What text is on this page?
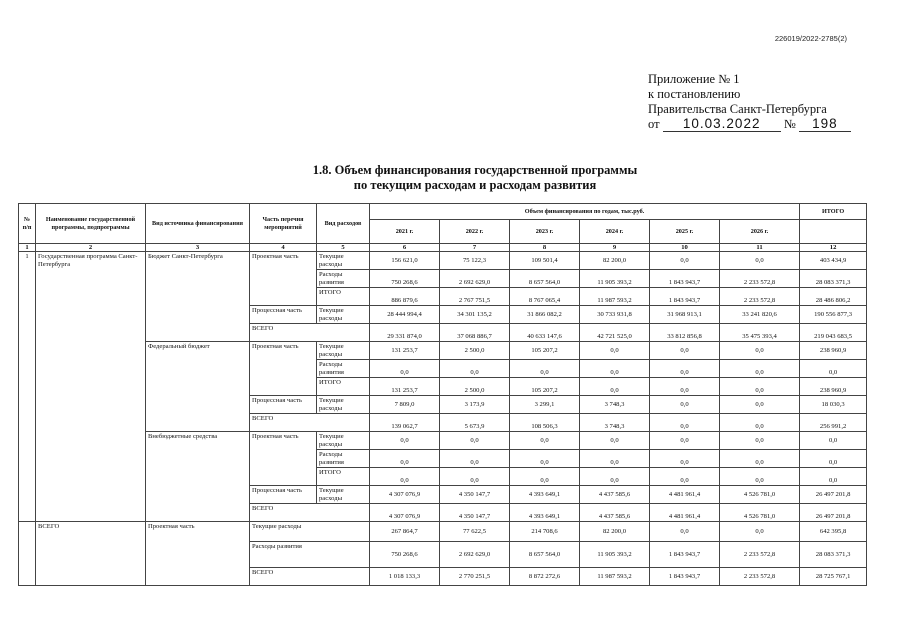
226019/2022-2785(2)
Приложение № 1
к постановлению
Правительства Санкт-Петербурга
от 10.03.2022 № 198
1.8. Объем финансирования государственной программы
по текущим расходам и расходам развития
№ п/п	Наименование государственной программы, подпрограммы	Вид источника финансирования	Часть перечня мероприятий	Вид расходов	Объем финансирования по годам, тыс.руб.						ИТОГО
					2021 г.	2022 г.	2023 г.	2024 г.	2025 г.	2026 г.	
1	2	3	4	5	6	7	8	9	10	11	12
1	Государственная программа Санкт-Петербурга	Бюджет Санкт-Петербурга	Проектная часть	Текущие расходы	156 621,0	75 122,3	109 501,4	82 200,0	0,0	0,0	403 434,9
				Расходы развития	750 268,6	2 692 629,0	8 657 564,0	11 905 393,2	1 843 943,7	2 233 572,8	28 083 371,3
				ИТОГО	886 879,6	2 767 751,5	8 767 065,4	11 987 593,2	1 843 943,7	2 233 572,8	28 486 806,2
			Процессная часть	Текущие расходы	28 444 994,4	34 301 135,2	31 866 082,2	30 733 931,8	31 968 913,1	33 241 820,6	190 556 877,3
			ВСЕГО		29 331 874,0	37 068 886,7	40 633 147,6	42 721 525,0	33 812 856,8	35 475 393,4	219 043 683,5
		Федеральный бюджет	Проектная часть	Текущие расходы	131 253,7	2 500,0	105 207,2	0,0	0,0	0,0	238 960,9
				Расходы развития	0,0	0,0	0,0	0,0	0,0	0,0	0,0
				ИТОГО	131 253,7	2 500,0	105 207,2	0,0	0,0	0,0	238 960,9
			Процессная часть	Текущие расходы	7 809,0	3 173,9	3 299,1	3 748,3	0,0	0,0	18 030,3
			ВСЕГО		139 062,7	5 673,9	108 506,3	3 748,3	0,0	0,0	256 991,2
		Внебюджетные средства	Проектная часть	Текущие расходы	0,0	0,0	0,0	0,0	0,0	0,0	0,0
				Расходы развития	0,0	0,0	0,0	0,0	0,0	0,0	0,0
				ИТОГО	0,0	0,0	0,0	0,0	0,0	0,0	0,0
			Процессная часть	Текущие расходы	4 307 076,9	4 350 147,7	4 393 649,1	4 437 585,6	4 481 961,4	4 526 781,0	26 497 201,8
			ВСЕГО		4 307 076,9	4 350 147,7	4 393 649,1	4 437 585,6	4 481 961,4	4 526 781,0	26 497 201,8
	ВСЕГО	Проектная часть	Текущие расходы		267 864,7	77 622,5	214 708,6	82 200,0	0,0	0,0	642 395,8
			Расходы развития		750 268,6	2 692 629,0	8 657 564,0	11 905 393,2	1 843 943,7	2 233 572,8	28 083 371,3
			ВСЕГО		1 018 133,3	2 770 251,5	8 872 272,6	11 987 593,2	1 843 943,7	2 233 572,8	28 725 767,1
